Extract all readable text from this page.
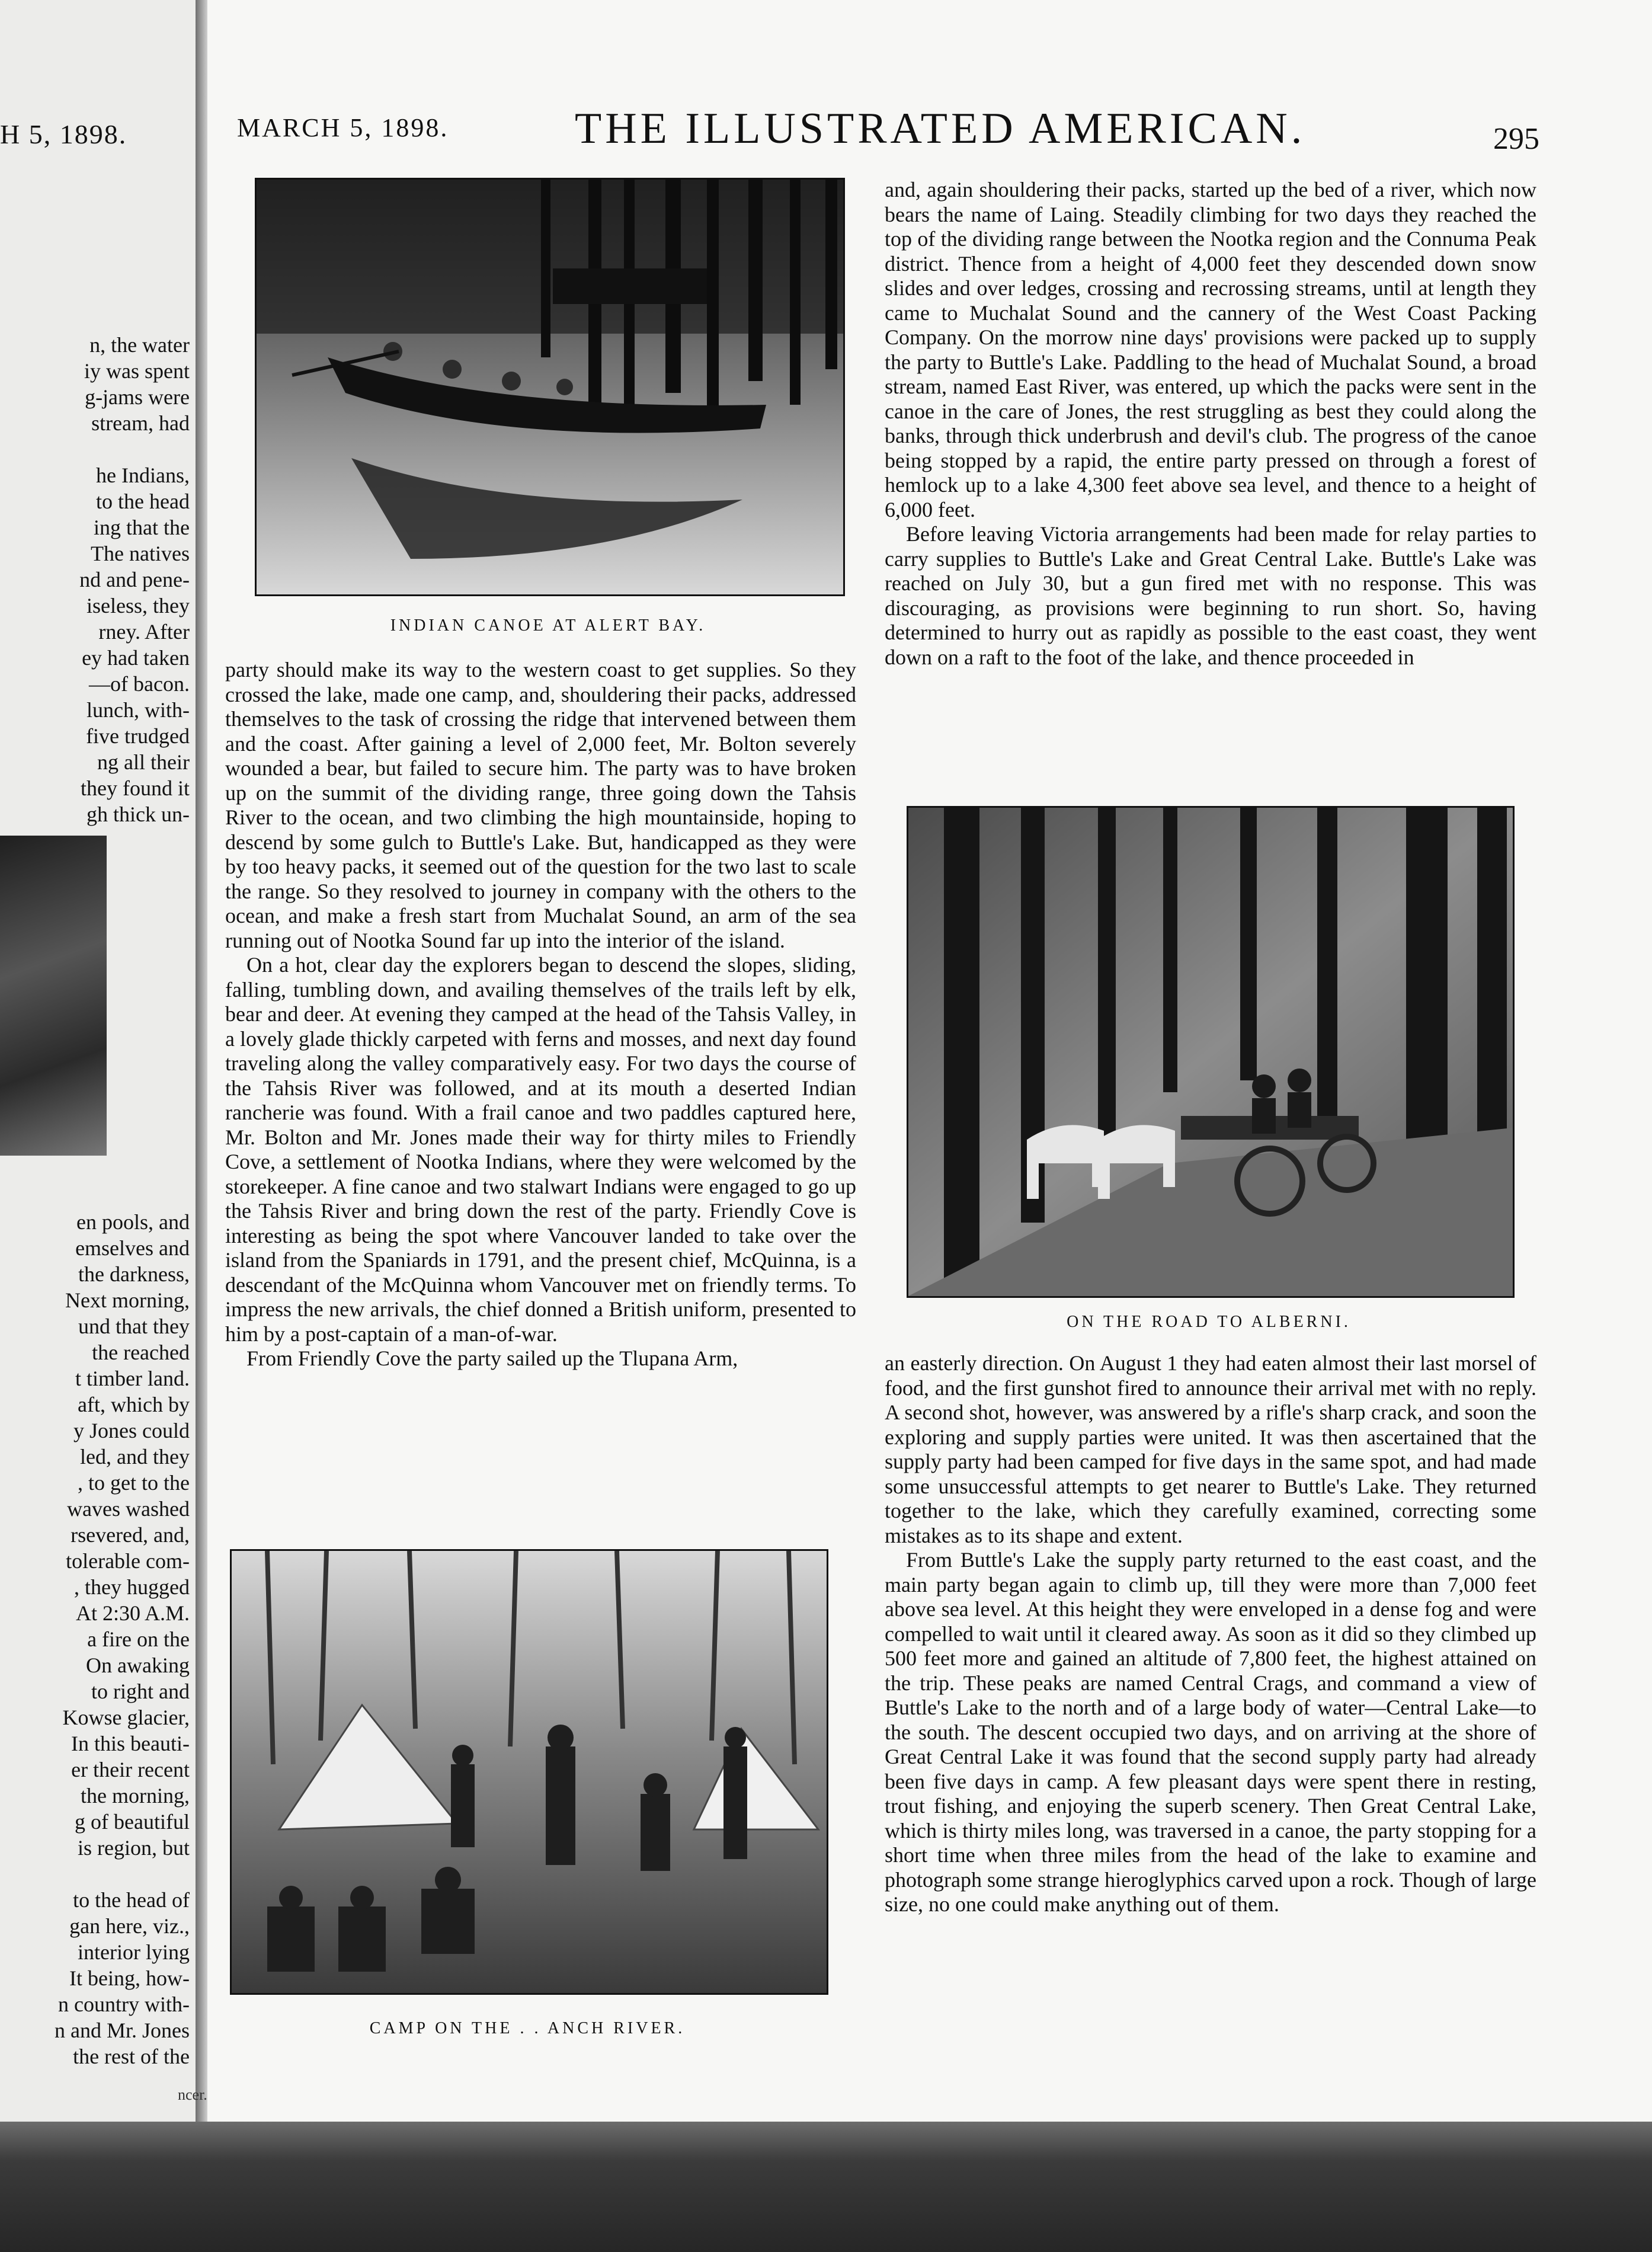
H 5, 1898.

n, the water

iy was spent

g-jams were

stream, had

he Indians,

to the head

ing that the

The natives

nd and pene-

iseless, they

rney. After

ey had taken

—of bacon.

lunch, with-

five trudged

ng all their

they found it

gh thick un-

en pools, and

emselves and

the darkness,

Next morning,

und that they

the reached

t timber land.

aft, which by

y Jones could

led, and they

, to get to the

waves washed

rsevered, and,

tolerable com-

, they hugged

At 2:30 A.M.

a fire on the

On awaking

to right and

Kowse glacier,

In this beauti-

er their recent

the morning,

g of beautiful

is region, but

to the head of

gan here, viz.,

interior lying

It being, how-

n country with-

n and Mr. Jones

the rest of the

ncer.
MARCH 5, 1898.	THE ILLUSTRATED AMERICAN.	295
INDIAN CANOE AT ALERT BAY.

party should make its way to the western coast to get supplies. So they crossed the lake, made one camp, and, shouldering their packs, addressed themselves to the task of crossing the ridge that intervened between them and the coast. After gaining a level of 2,000 feet, Mr. Bolton severely wounded a bear, but failed to secure him. The party was to have broken up on the summit of the dividing range, three going down the Tahsis River to the ocean, and two climbing the high mountainside, hoping to descend by some gulch to Buttle's Lake. But, handicapped as they were by too heavy packs, it seemed out of the question for the two last to scale the range. So they resolved to journey in company with the others to the ocean, and make a fresh start from Muchalat Sound, an arm of the sea running out of Nootka Sound far up into the interior of the island.

On a hot, clear day the explorers began to descend the slopes, sliding, falling, tumbling down, and availing themselves of the trails left by elk, bear and deer. At evening they camped at the head of the Tahsis Valley, in a lovely glade thickly carpeted with ferns and mosses, and next day found traveling along the valley comparatively easy. For two days the course of the Tahsis River was followed, and at its mouth a deserted Indian rancherie was found. With a frail canoe and two paddles captured here, Mr. Bolton and Mr. Jones made their way for thirty miles to Friendly Cove, a settlement of Nootka Indians, where they were welcomed by the storekeeper. A fine canoe and two stalwart Indians were engaged to go up the Tahsis River and bring down the rest of the party. Friendly Cove is interesting as being the spot where Vancouver landed to take over the island from the Spaniards in 1791, and the present chief, McQuinna, is a descendant of the McQuinna whom Vancouver met on friendly terms. To impress the new arrivals, the chief donned a British uniform, presented to him by a post-captain of a man-of-war.

From Friendly Cove the party sailed up the Tlupana Arm,

CAMP ON THE . . ANCH RIVER.

and, again shouldering their packs, started up the bed of a river, which now bears the name of Laing. Steadily climbing for two days they reached the top of the dividing range between the Nootka region and the Connuma Peak district. Thence from a height of 4,000 feet they descended down snow slides and over ledges, crossing and recrossing streams, until at length they came to Muchalat Sound and the cannery of the West Coast Packing Company. On the morrow nine days' provisions were packed up to supply the party to Buttle's Lake. Paddling to the head of Muchalat Sound, a broad stream, named East River, was entered, up which the packs were sent in the canoe in the care of Jones, the rest struggling as best they could along the banks, through thick underbrush and devil's club. The progress of the canoe being stopped by a rapid, the entire party pressed on through a forest of hemlock up to a lake 4,300 feet above sea level, and thence to a height of 6,000 feet.

Before leaving Victoria arrangements had been made for relay parties to carry supplies to Buttle's Lake and Great Central Lake. Buttle's Lake was reached on July 30, but a gun fired met with no response. This was discouraging, as provisions were beginning to run short. So, having determined to hurry out as rapidly as possible to the east coast, they went down on a raft to the foot of the lake, and thence proceeded in

ON THE ROAD TO ALBERNI.

an easterly direction. On August 1 they had eaten almost their last morsel of food, and the first gunshot fired to announce their arrival met with no reply. A second shot, however, was answered by a rifle's sharp crack, and soon the exploring and supply parties were united. It was then ascertained that the supply party had been camped for five days in the same spot, and had made some unsuccessful attempts to get nearer to Buttle's Lake. They returned together to the lake, which they carefully examined, correcting some mistakes as to its shape and extent.

From Buttle's Lake the supply party returned to the east coast, and the main party began again to climb up, till they were more than 7,000 feet above sea level. At this height they were enveloped in a dense fog and were compelled to wait until it cleared away. As soon as it did so they climbed up 500 feet more and gained an altitude of 7,800 feet, the highest attained on the trip. These peaks are named Central Crags, and command a view of Buttle's Lake to the north and of a large body of water—Central Lake—to the south. The descent occupied two days, and on arriving at the shore of Great Central Lake it was found that the second supply party had already been five days in camp. A few pleasant days were spent there in resting, trout fishing, and enjoying the superb scenery. Then Great Central Lake, which is thirty miles long, was traversed in a canoe, the party stopping for a short time when three miles from the head of the lake to examine and photograph some strange hieroglyphics carved upon a rock. Though of large size, no one could make anything out of them.
